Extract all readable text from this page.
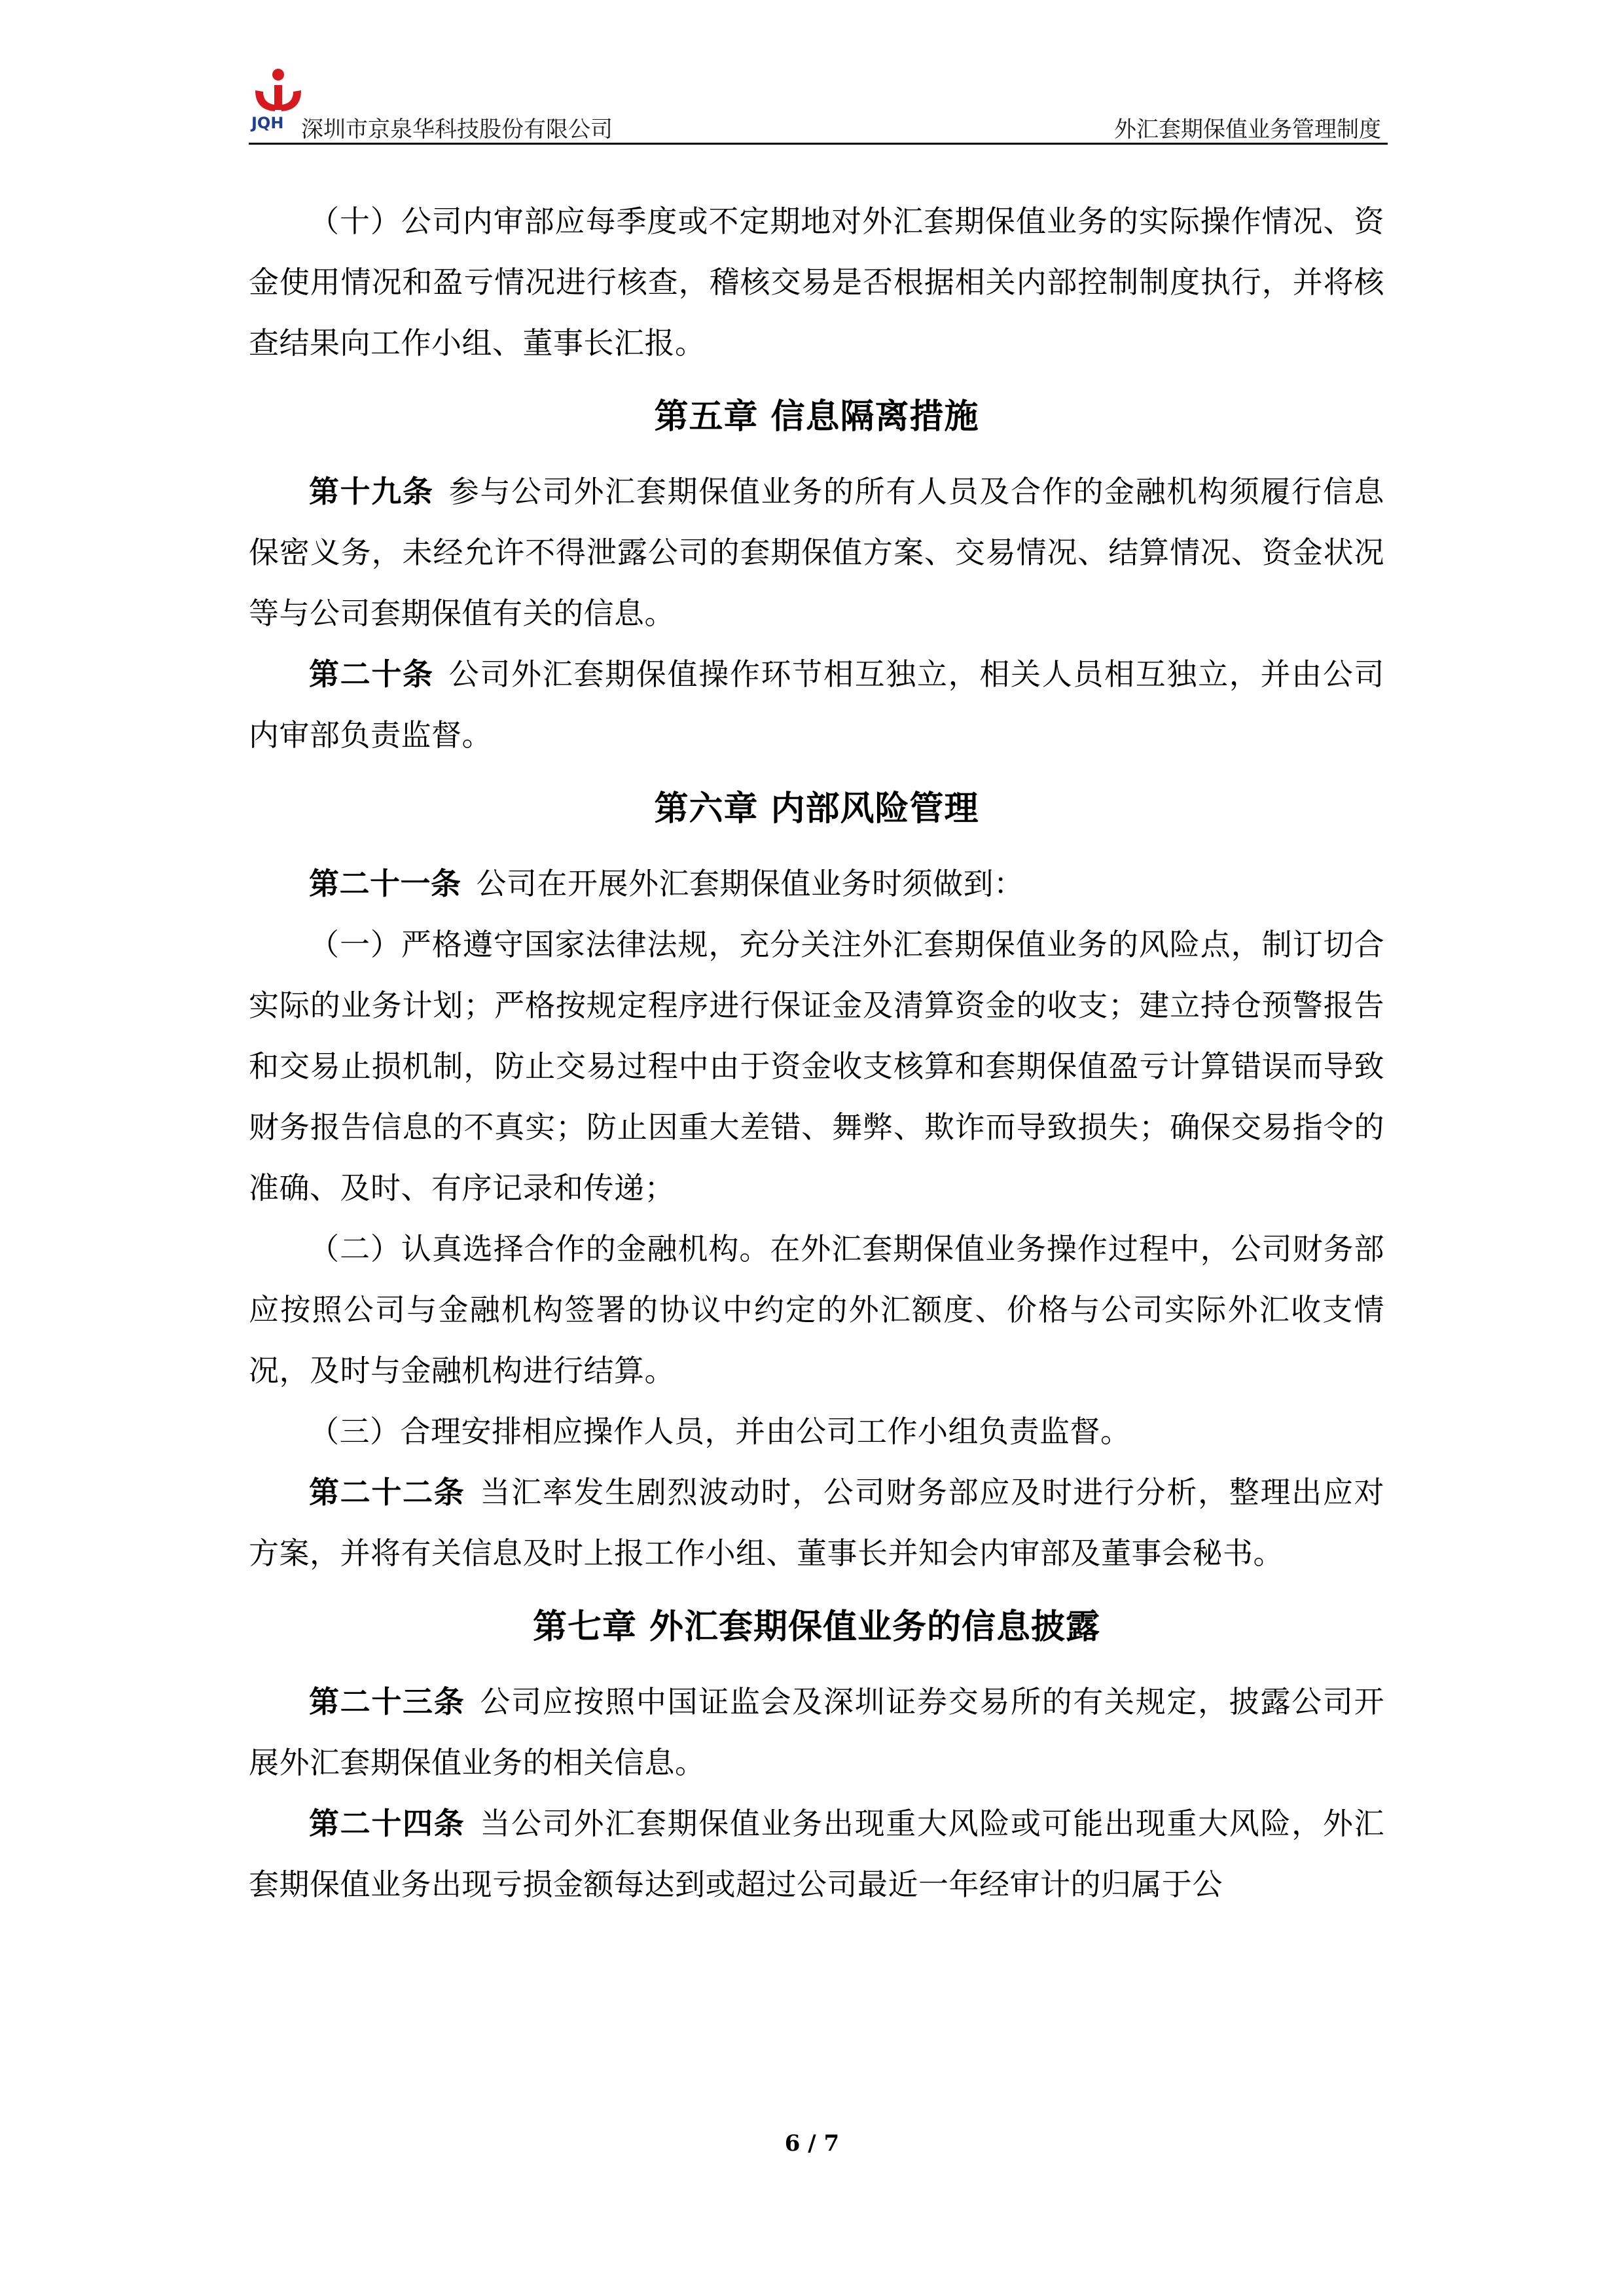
JQH 深圳市京泉华科技股份有限公司	外汇套期保值业务管理制度

（十）公司内审部应每季度或不定期地对外汇套期保值业务的实际操作情况、资金使用情况和盈亏情况进行核查，稽核交易是否根据相关内部控制制度执行，并将核查结果向工作小组、董事长汇报。

第五章 信息隔离措施

第十九条 参与公司外汇套期保值业务的所有人员及合作的金融机构须履行信息保密义务，未经允许不得泄露公司的套期保值方案、交易情况、结算情况、资金状况等与公司套期保值有关的信息。

第二十条 公司外汇套期保值操作环节相互独立，相关人员相互独立，并由公司内审部负责监督。

第六章 内部风险管理

第二十一条 公司在开展外汇套期保值业务时须做到：

（一）严格遵守国家法律法规，充分关注外汇套期保值业务的风险点，制订切合实际的业务计划；严格按规定程序进行保证金及清算资金的收支；建立持仓预警报告和交易止损机制，防止交易过程中由于资金收支核算和套期保值盈亏计算错误而导致财务报告信息的不真实；防止因重大差错、舞弊、欺诈而导致损失；确保交易指令的准确、及时、有序记录和传递；

（二）认真选择合作的金融机构。在外汇套期保值业务操作过程中，公司财务部应按照公司与金融机构签署的协议中约定的外汇额度、价格与公司实际外汇收支情况，及时与金融机构进行结算。

（三）合理安排相应操作人员，并由公司工作小组负责监督。

第二十二条 当汇率发生剧烈波动时，公司财务部应及时进行分析，整理出应对方案，并将有关信息及时上报工作小组、董事长并知会内审部及董事会秘书。

第七章 外汇套期保值业务的信息披露

第二十三条 公司应按照中国证监会及深圳证券交易所的有关规定，披露公司开展外汇套期保值业务的相关信息。

第二十四条 当公司外汇套期保值业务出现重大风险或可能出现重大风险，外汇套期保值业务出现亏损金额每达到或超过公司最近一年经审计的归属于公

6 / 7
